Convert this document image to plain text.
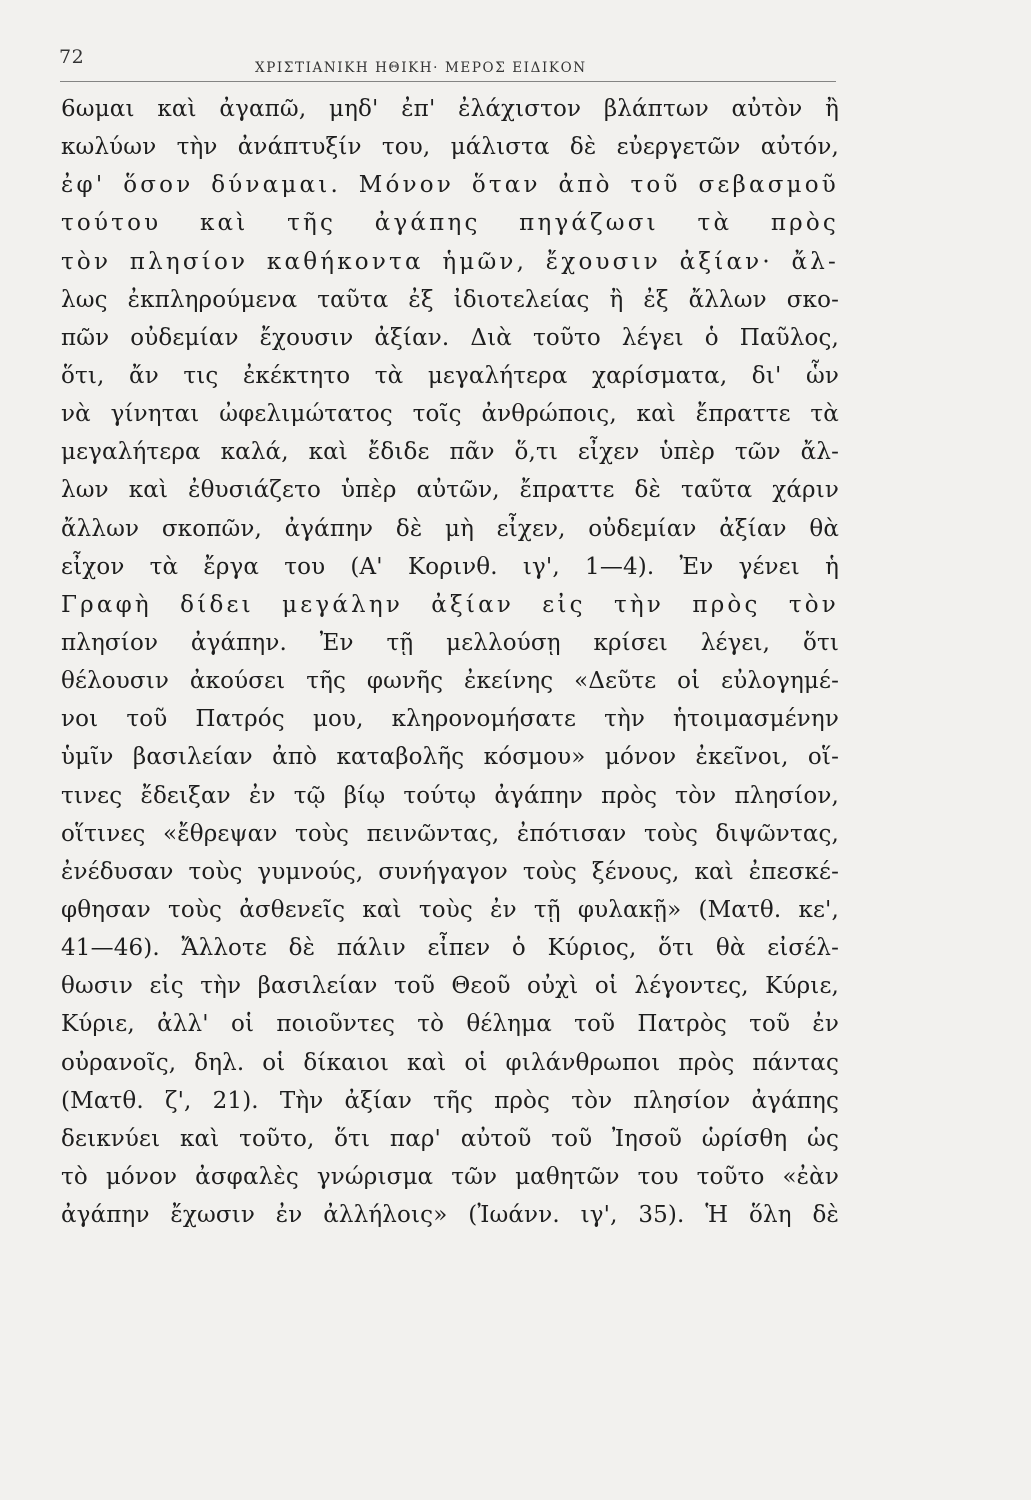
72	ΧΡΙΣΤΙΑΝΙΚΗ ΗΘΙΚΗ· ΜΕΡΟΣ ΕΙΔΙΚΟΝ
6ωμαι καὶ ἀγαπῶ, μηδ' ἐπ' ἐλάχιστον βλάπτων αὐτὸν ἢ
κωλύων τὴν ἀνάπτυξίν του, μάλιστα δὲ εὐεργετῶν αὐτόν,
ἐφ' ὅσον δύναμαι. Μόνον ὅταν ἀπὸ τοῦ σεβασμοῦ
τούτου καὶ τῆς ἀγάπης πηγάζωσι τὰ πρὸς
τὸν πλησίον καθήκοντα ἡμῶν, ἔχουσιν ἀξίαν· ἄλ-
λως ἐκπληρούμενα ταῦτα ἐξ ἰδιοτελείας ἢ ἐξ ἄλλων σκο-
πῶν οὐδεμίαν ἔχουσιν ἀξίαν. Διὰ τοῦτο λέγει ὁ Παῦλος,
ὅτι, ἄν τις ἐκέκτητο τὰ μεγαλήτερα χαρίσματα, δι' ὧν
νὰ γίνηται ὠφελιμώτατος τοῖς ἀνθρώποις, καὶ ἔπραττε τὰ
μεγαλήτερα καλά, καὶ ἔδιδε πᾶν ὅ,τι εἶχεν ὑπὲρ τῶν ἄλ-
λων καὶ ἐθυσιάζετο ὑπὲρ αὐτῶν, ἔπραττε δὲ ταῦτα χάριν
ἄλλων σκοπῶν, ἀγάπην δὲ μὴ εἶχεν, οὐδεμίαν ἀξίαν θὰ
εἶχον τὰ ἔργα του (Α' Κορινθ. ιγ', 1—4). Ἐν γένει ἡ
Γραφὴ δίδει μεγάλην ἀξίαν εἰς τὴν πρὸς τὸν
πλησίον ἀγάπην. Ἐν τῇ μελλούσῃ κρίσει λέγει, ὅτι
θέλουσιν ἀκούσει τῆς φωνῆς ἐκείνης «Δεῦτε οἱ εὐλογημέ-
νοι τοῦ Πατρός μου, κληρονομήσατε τὴν ἡτοιμασμένην
ὑμῖν βασιλείαν ἀπὸ καταβολῆς κόσμου» μόνον ἐκεῖνοι, οἵ-
τινες ἔδειξαν ἐν τῷ βίῳ τούτῳ ἀγάπην πρὸς τὸν πλησίον,
οἵτινες «ἔθρεψαν τοὺς πεινῶντας, ἐπότισαν τοὺς διψῶντας,
ἐνέδυσαν τοὺς γυμνούς, συνήγαγον τοὺς ξένους, καὶ ἐπεσκέ-
φθησαν τοὺς ἀσθενεῖς καὶ τοὺς ἐν τῇ φυλακῇ» (Ματθ. κε',
41—46). Ἄλλοτε δὲ πάλιν εἶπεν ὁ Κύριος, ὅτι θὰ εἰσέλ-
θωσιν εἰς τὴν βασιλείαν τοῦ Θεοῦ οὐχὶ οἱ λέγοντες, Κύριε,
Κύριε, ἀλλ' οἱ ποιοῦντες τὸ θέλημα τοῦ Πατρὸς τοῦ ἐν
οὐρανοῖς, δηλ. οἱ δίκαιοι καὶ οἱ φιλάνθρωποι πρὸς πάντας
(Ματθ. ζ', 21). Τὴν ἀξίαν τῆς πρὸς τὸν πλησίον ἀγάπης
δεικνύει καὶ τοῦτο, ὅτι παρ' αὐτοῦ τοῦ Ἰησοῦ ὡρίσθη ὡς
τὸ μόνον ἀσφαλὲς γνώρισμα τῶν μαθητῶν του τοῦτο «ἐὰν
ἀγάπην ἔχωσιν ἐν ἀλλήλοις» (Ἰωάνν. ιγ', 35). Ἡ ὅλη δὲ
